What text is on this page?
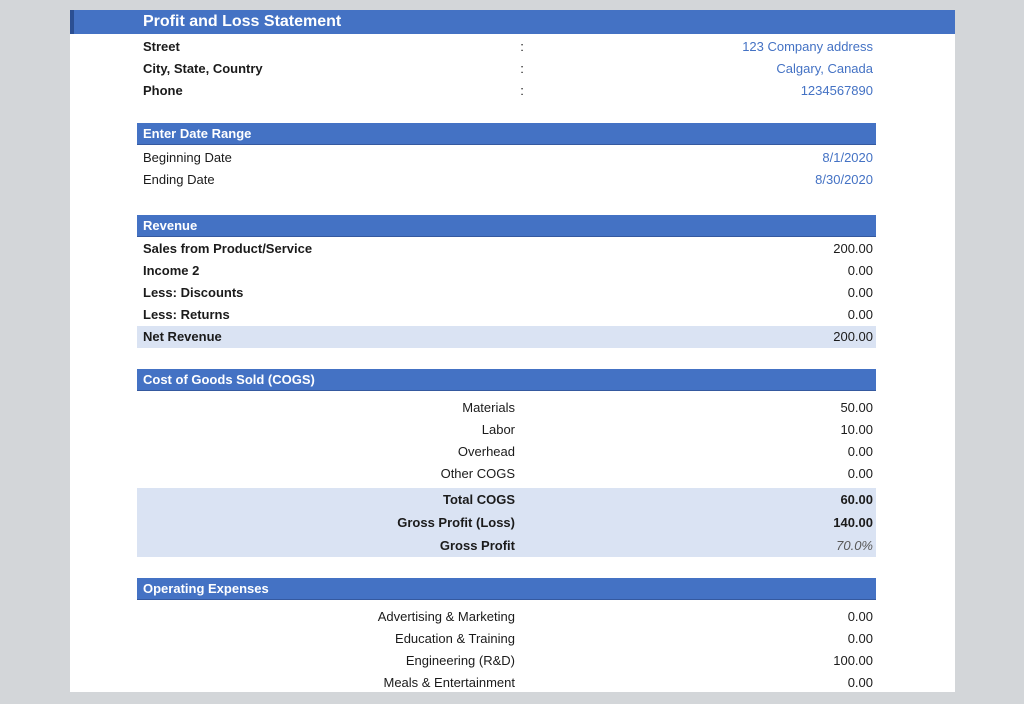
Profit and Loss Statement
Street	:	123 Company address
City, State, Country	:	Calgary, Canada
Phone	:	1234567890
Enter Date Range
Beginning Date	8/1/2020
Ending Date	8/30/2020
Revenue
Sales from Product/Service	200.00
Income 2	0.00
Less: Discounts	0.00
Less: Returns	0.00
Net Revenue	200.00
Cost of Goods Sold (COGS)
Materials	50.00
Labor	10.00
Overhead	0.00
Other COGS	0.00
Total COGS	60.00
Gross Profit (Loss)	140.00
Gross Profit	70.0%
Operating Expenses
Advertising & Marketing	0.00
Education & Training	0.00
Engineering (R&D)	100.00
Meals & Entertainment	0.00
